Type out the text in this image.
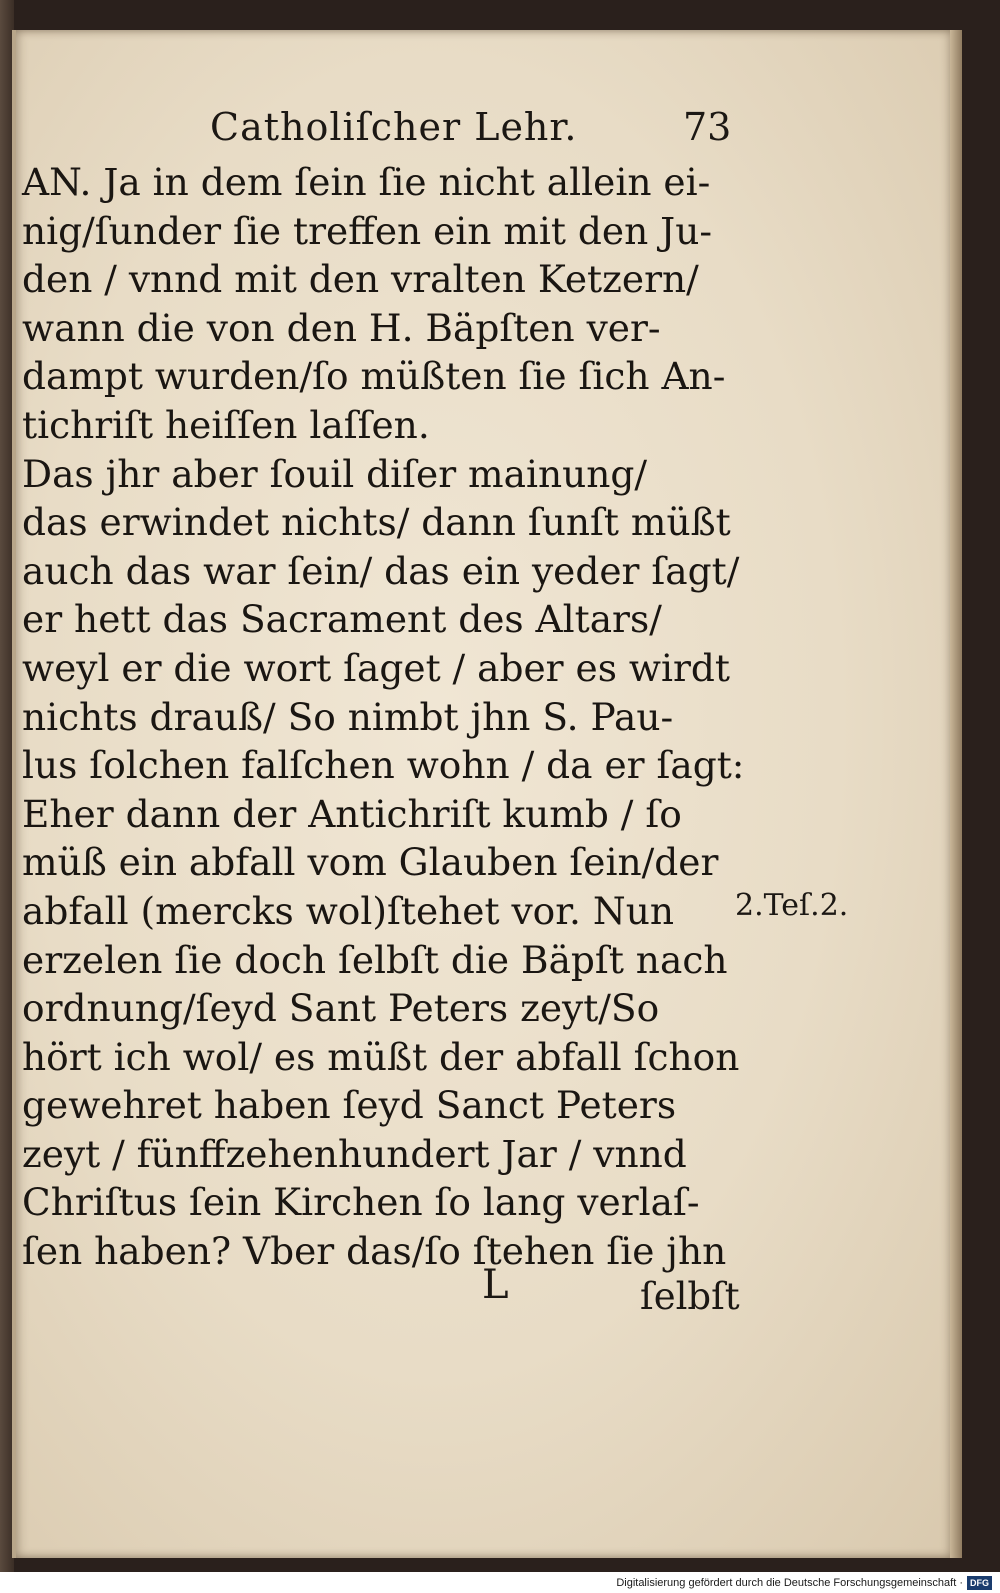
Catholiſcher Lehr.	73
AN. Ja in dem ſein ſie nicht allein ei-
nig/ſunder ſie treffen ein mit den Ju-
den / vnnd mit den vralten Ketzern/
wann die von den H. Bäpſten ver-
dampt wurden/ſo müßten ſie ſich An-
tichriſt heiſſen laſſen.
Das jhr aber ſouil diſer mainung/
das erwindet nichts/ dann ſunſt müßt
auch das war ſein/ das ein yeder ſagt/
er hett das Sacrament des Altars/
weyl er die wort ſaget / aber es wirdt
nichts drauß/ So nimbt jhn S. Pau-
lus ſolchen falſchen wohn / da er ſagt:
Eher dann der Antichriſt kumb / ſo
müß ein abfall vom Glauben ſein/der
abfall (mercks wol)ſtehet vor. Nun
erzelen ſie doch ſelbſt die Bäpſt nach
ordnung/ſeyd Sant Peters zeyt/So
hört ich wol/ es müßt der abfall ſchon
gewehret haben ſeyd Sanct Peters
zeyt / fünffzehenhundert Jar / vnnd
Chriſtus ſein Kirchen ſo lang verlaſ-
ſen haben? Vber das/ſo ſtehen ſie jhn
2.Teſ.2.
L	ſelbſt
Digitalisierung gefördert durch die Deutsche Forschungsgemeinschaft · DFG
